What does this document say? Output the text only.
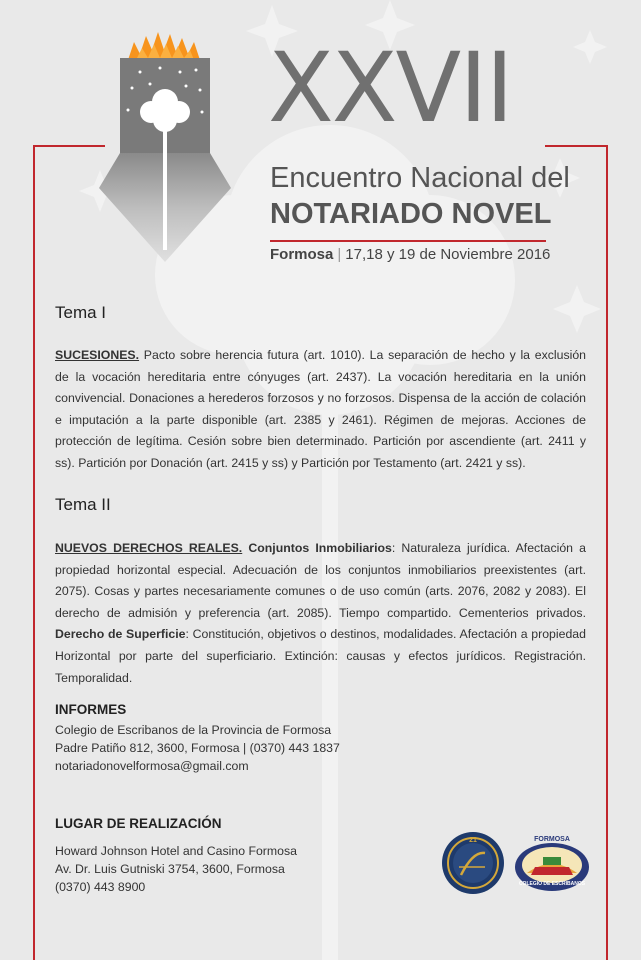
XXVII
Encuentro Nacional del
NOTARIADO NOVEL
Formosa | 17,18 y 19 de Noviembre 2016
Tema I
SUCESIONES. Pacto sobre herencia futura (art. 1010). La separación de hecho y la exclusión de la vocación hereditaria entre cónyuges (art. 2437). La vocación hereditaria en la unión convivencial. Donaciones a herederos forzosos y no forzosos. Dispensa de la acción de colación e imputación a la parte disponible (art. 2385 y 2461). Régimen de mejoras. Acciones de protección de legítima. Cesión sobre bien determinado. Partición por ascendiente (art. 2411 y ss). Partición por Donación (art. 2415 y ss) y Partición por Testamento (art. 2421 y ss).
Tema II
NUEVOS DERECHOS REALES. Conjuntos Inmobiliarios: Naturaleza jurídica. Afectación a propiedad horizontal especial. Adecuación de los conjuntos inmobiliarios preexistentes (art. 2075). Cosas y partes necesariamente comunes o de uso común (arts. 2076, 2082 y 2083). El derecho de admisión y preferencia (art. 2085). Tiempo compartido. Cementerios privados. Derecho de Superficie: Constitución, objetivos o destinos, modalidades. Afectación a propiedad Horizontal por parte del superficiario. Extinción: causas y efectos jurídicos. Registración. Temporalidad.
INFORMES
Colegio de Escribanos de la Provincia de Formosa
Padre Patiño 812, 3600, Formosa | (0370) 443 1837
notariadonovelformosa@gmail.com
LUGAR DE REALIZACIÓN
Howard Johnson Hotel and Casino Formosa
Av. Dr. Luis Gutniski 3754, 3600, Formosa
(0370) 443 8900
21	FORMOSA
COLEGIO DE ESCRIBANOS
